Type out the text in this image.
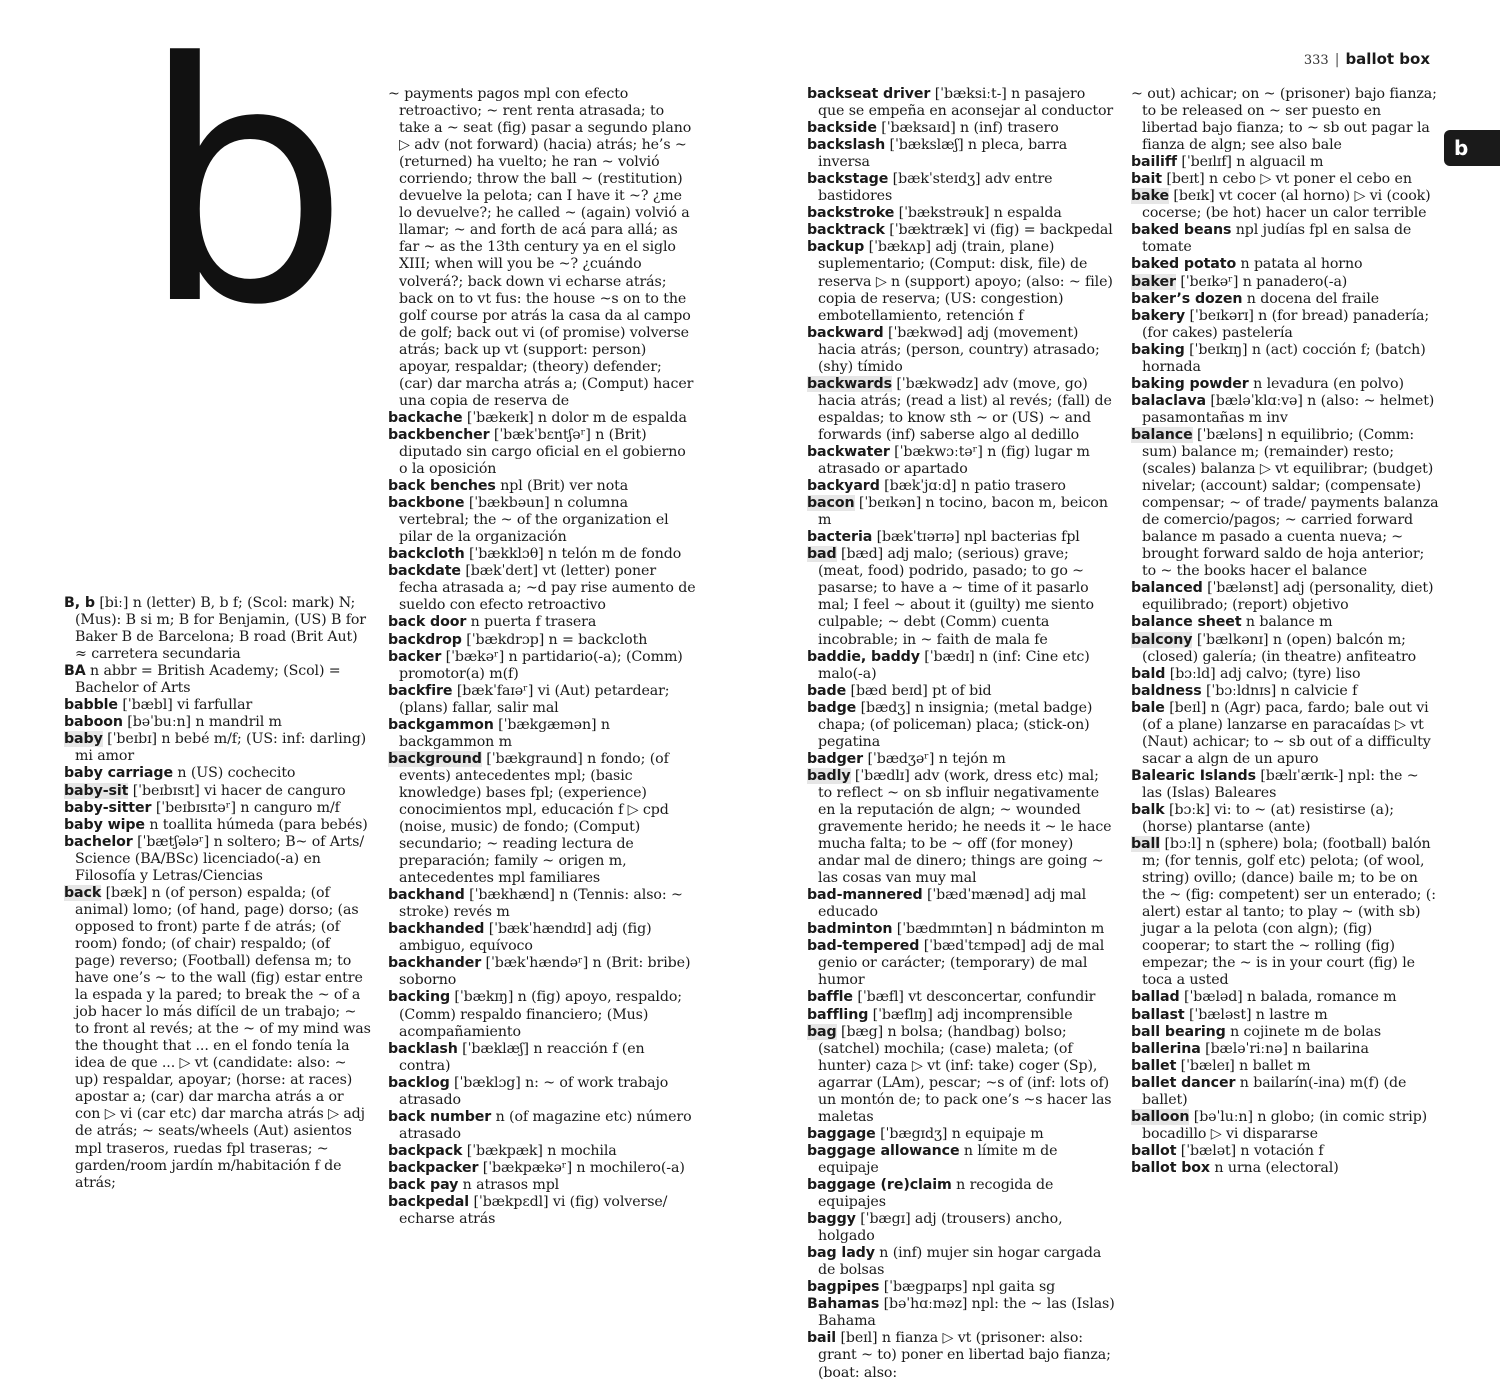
b	333 | ballot box
b

B, b [biː] n (letter) B, b f; (Scol: mark) N; (Mus): B si m; B for Benjamin, (US) B for Baker B de Barcelona; B road (Brit Aut) ≈ carretera secundaria

BA n abbr = British Academy; (Scol) = Bachelor of Arts

babble [ˈbæbl] vi farfullar

baboon [bəˈbuːn] n mandril m

baby [ˈbeɪbɪ] n bebé m/f; (US: inf: darling) mi amor

baby carriage n (US) cochecito

baby-sit [ˈbeɪbɪsɪt] vi hacer de canguro

baby-sitter [ˈbeɪbɪsɪtəʳ] n canguro m/f

baby wipe n toallita húmeda (para bebés)

bachelor [ˈbætʃələʳ] n soltero; B~ of Arts/ Science (BA/BSc) licenciado(-a) en Filosofía y Letras/Ciencias

back [bæk] n (of person) espalda; (of animal) lomo; (of hand, page) dorso; (as opposed to front) parte f de atrás; (of room) fondo; (of chair) respaldo; (of page) reverso; (Football) defensa m; to have one’s ~ to the wall (fig) estar entre la espada y la pared; to break the ~ of a job hacer lo más difícil de un trabajo; ~ to front al revés; at the ~ of my mind was the thought that ... en el fondo tenía la idea de que ... ▷ vt (candidate: also: ~ up) respaldar, apoyar; (horse: at races) apostar a; (car) dar marcha atrás a or con ▷ vi (car etc) dar marcha atrás ▷ adj de atrás; ~ seats/wheels (Aut) asientos mpl traseros, ruedas fpl traseras; ~ garden/room jardín m/habitación f de atrás;

~ payments pagos mpl con efecto retroactivo; ~ rent renta atrasada; to take a ~ seat (fig) pasar a segundo plano ▷ adv (not forward) (hacia) atrás; he’s ~ (returned) ha vuelto; he ran ~ volvió corriendo; throw the ball ~ (restitution) devuelve la pelota; can I have it ~? ¿me lo devuelve?; he called ~ (again) volvió a llamar; ~ and forth de acá para allá; as far ~ as the 13th century ya en el siglo XIII; when will you be ~? ¿cuándo volverá?; back down vi echarse atrás; back on to vt fus: the house ~s on to the golf course por atrás la casa da al campo de golf; back out vi (of promise) volverse atrás; back up vt (support: person) apoyar, respaldar; (theory) defender; (car) dar marcha atrás a; (Comput) hacer una copia de reserva de

backache [ˈbækeɪk] n dolor m de espalda

backbencher [ˈbækˈbɛntʃəʳ] n (Brit) diputado sin cargo oficial en el gobierno o la oposición

back benches npl (Brit) ver nota

backbone [ˈbækbəun] n columna vertebral; the ~ of the organization el pilar de la organización

backcloth [ˈbækklɔθ] n telón m de fondo

backdate [bækˈdeɪt] vt (letter) poner fecha atrasada a; ~d pay rise aumento de sueldo con efecto retroactivo

back door n puerta f trasera

backdrop [ˈbækdrɔp] n = backcloth

backer [ˈbækəʳ] n partidario(-a); (Comm) promotor(a) m(f)

backfire [bækˈfaɪəʳ] vi (Aut) petardear; (plans) fallar, salir mal

backgammon [ˈbækgæmən] n backgammon m

background [ˈbækgraund] n fondo; (of events) antecedentes mpl; (basic knowledge) bases fpl; (experience) conocimientos mpl, educación f ▷ cpd (noise, music) de fondo; (Comput) secundario; ~ reading lectura de preparación; family ~ origen m, antecedentes mpl familiares

backhand [ˈbækhænd] n (Tennis: also: ~ stroke) revés m

backhanded [ˈbækˈhændɪd] adj (fig) ambiguo, equívoco

backhander [ˈbækˈhændəʳ] n (Brit: bribe) soborno

backing [ˈbækɪŋ] n (fig) apoyo, respaldo; (Comm) respaldo financiero; (Mus) acompañamiento

backlash [ˈbæklæʃ] n reacción f (en contra)

backlog [ˈbæklɔg] n: ~ of work trabajo atrasado

back number n (of magazine etc) número atrasado

backpack [ˈbækpæk] n mochila

backpacker [ˈbækpækəʳ] n mochilero(-a)

back pay n atrasos mpl

backpedal [ˈbækpɛdl] vi (fig) volverse/ echarse atrás

backseat driver [ˈbæksiːt-] n pasajero que se empeña en aconsejar al conductor

backside [ˈbæksaɪd] n (inf) trasero

backslash [ˈbækslæʃ] n pleca, barra inversa

backstage [bækˈsteɪdʒ] adv entre bastidores

backstroke [ˈbækstrəuk] n espalda

backtrack [ˈbæktræk] vi (fig) = backpedal

backup [ˈbækʌp] adj (train, plane) suplementario; (Comput: disk, file) de reserva ▷ n (support) apoyo; (also: ~ file) copia de reserva; (US: congestion) embotellamiento, retención f

backward [ˈbækwəd] adj (movement) hacia atrás; (person, country) atrasado; (shy) tímido

backwards [ˈbækwədz] adv (move, go) hacia atrás; (read a list) al revés; (fall) de espaldas; to know sth ~ or (US) ~ and forwards (inf) saberse algo al dedillo

backwater [ˈbækwɔːtəʳ] n (fig) lugar m atrasado or apartado

backyard [bækˈjɑːd] n patio trasero

bacon [ˈbeɪkən] n tocino, bacon m, beicon m

bacteria [bækˈtɪərɪə] npl bacterias fpl

bad [bæd] adj malo; (serious) grave; (meat, food) podrido, pasado; to go ~ pasarse; to have a ~ time of it pasarlo mal; I feel ~ about it (guilty) me siento culpable; ~ debt (Comm) cuenta incobrable; in ~ faith de mala fe

baddie, baddy [ˈbædɪ] n (inf: Cine etc) malo(-a)

bade [bæd beɪd] pt of bid

badge [bædʒ] n insignia; (metal badge) chapa; (of policeman) placa; (stick-on) pegatina

badger [ˈbædʒəʳ] n tejón m

badly [ˈbædlɪ] adv (work, dress etc) mal; to reflect ~ on sb influir negativamente en la reputación de algn; ~ wounded gravemente herido; he needs it ~ le hace mucha falta; to be ~ off (for money) andar mal de dinero; things are going ~ las cosas van muy mal

bad-mannered [ˈbædˈmænəd] adj mal educado

badminton [ˈbædmɪntən] n bádminton m

bad-tempered [ˈbædˈtɛmpəd] adj de mal genio or carácter; (temporary) de mal humor

baffle [ˈbæfl] vt desconcertar, confundir

baffling [ˈbæflɪŋ] adj incomprensible

bag [bæg] n bolsa; (handbag) bolso; (satchel) mochila; (case) maleta; (of hunter) caza ▷ vt (inf: take) coger (Sp), agarrar (LAm), pescar; ~s of (inf: lots of) un montón de; to pack one’s ~s hacer las maletas

baggage [ˈbægɪdʒ] n equipaje m

baggage allowance n límite m de equipaje

baggage (re)claim n recogida de equipajes

baggy [ˈbægɪ] adj (trousers) ancho, holgado

bag lady n (inf) mujer sin hogar cargada de bolsas

bagpipes [ˈbægpaɪps] npl gaita sg

Bahamas [bəˈhɑːməz] npl: the ~ las (Islas) Bahama

bail [beɪl] n fianza ▷ vt (prisoner: also: grant ~ to) poner en libertad bajo fianza; (boat: also:

~ out) achicar; on ~ (prisoner) bajo fianza; to be released on ~ ser puesto en libertad bajo fianza; to ~ sb out pagar la fianza de algn; see also bale

bailiff [ˈbeɪlɪf] n alguacil m

bait [beɪt] n cebo ▷ vt poner el cebo en

bake [beɪk] vt cocer (al horno) ▷ vi (cook) cocerse; (be hot) hacer un calor terrible

baked beans npl judías fpl en salsa de tomate

baked potato n patata al horno

baker [ˈbeɪkəʳ] n panadero(-a)

baker’s dozen n docena del fraile

bakery [ˈbeɪkərɪ] n (for bread) panadería; (for cakes) pastelería

baking [ˈbeɪkɪŋ] n (act) cocción f; (batch) hornada

baking powder n levadura (en polvo)

balaclava [bæləˈklɑːvə] n (also: ~ helmet) pasamontañas m inv

balance [ˈbæləns] n equilibrio; (Comm: sum) balance m; (remainder) resto; (scales) balanza ▷ vt equilibrar; (budget) nivelar; (account) saldar; (compensate) compensar; ~ of trade/ payments balanza de comercio/pagos; ~ carried forward balance m pasado a cuenta nueva; ~ brought forward saldo de hoja anterior; to ~ the books hacer el balance

balanced [ˈbælənst] adj (personality, diet) equilibrado; (report) objetivo

balance sheet n balance m

balcony [ˈbælkənɪ] n (open) balcón m; (closed) galería; (in theatre) anfiteatro

bald [bɔːld] adj calvo; (tyre) liso

baldness [ˈbɔːldnɪs] n calvicie f

bale [beɪl] n (Agr) paca, fardo; bale out vi (of a plane) lanzarse en paracaídas ▷ vt (Naut) achicar; to ~ sb out of a difficulty sacar a algn de un apuro

Balearic Islands [bælɪˈærɪk-] npl: the ~ las (Islas) Baleares

balk [bɔːk] vi: to ~ (at) resistirse (a); (horse) plantarse (ante)

ball [bɔːl] n (sphere) bola; (football) balón m; (for tennis, golf etc) pelota; (of wool, string) ovillo; (dance) baile m; to be on the ~ (fig: competent) ser un enterado; (: alert) estar al tanto; to play ~ (with sb) jugar a la pelota (con algn); (fig) cooperar; to start the ~ rolling (fig) empezar; the ~ is in your court (fig) le toca a usted

ballad [ˈbæləd] n balada, romance m

ballast [ˈbæləst] n lastre m

ball bearing n cojinete m de bolas

ballerina [bæləˈriːnə] n bailarina

ballet [ˈbæleɪ] n ballet m

ballet dancer n bailarín(-ina) m(f) (de ballet)

balloon [bəˈluːn] n globo; (in comic strip) bocadillo ▷ vi dispararse

ballot [ˈbælət] n votación f

ballot box n urna (electoral)
